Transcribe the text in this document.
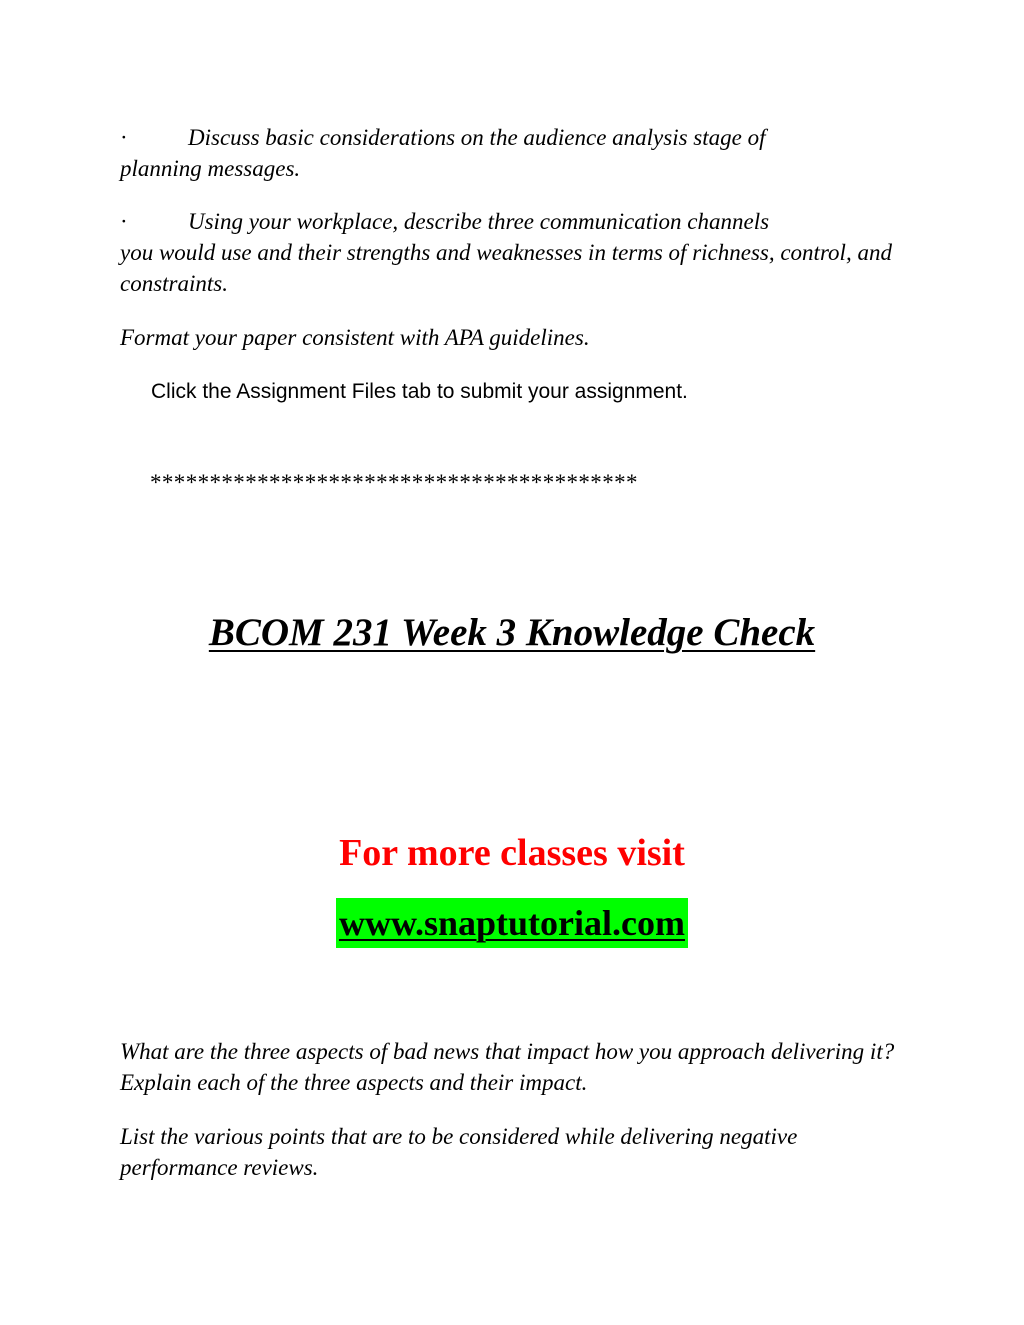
·	Discuss basic considerations on the audience analysis stage of
planning messages.

·	Using your workplace, describe three communication channels
you would use and their strengths and weaknesses in terms of richness, control, and constraints.

Format your paper consistent with APA guidelines.

Click the Assignment Files tab to submit your assignment.

*****************************************

BCOM 231 Week 3 Knowledge Check

For more classes visit

www.snaptutorial.com

What are the three aspects of bad news that impact how you approach delivering it? Explain each of the three aspects and their impact.

List the various points that are to be considered while delivering negative performance reviews.
